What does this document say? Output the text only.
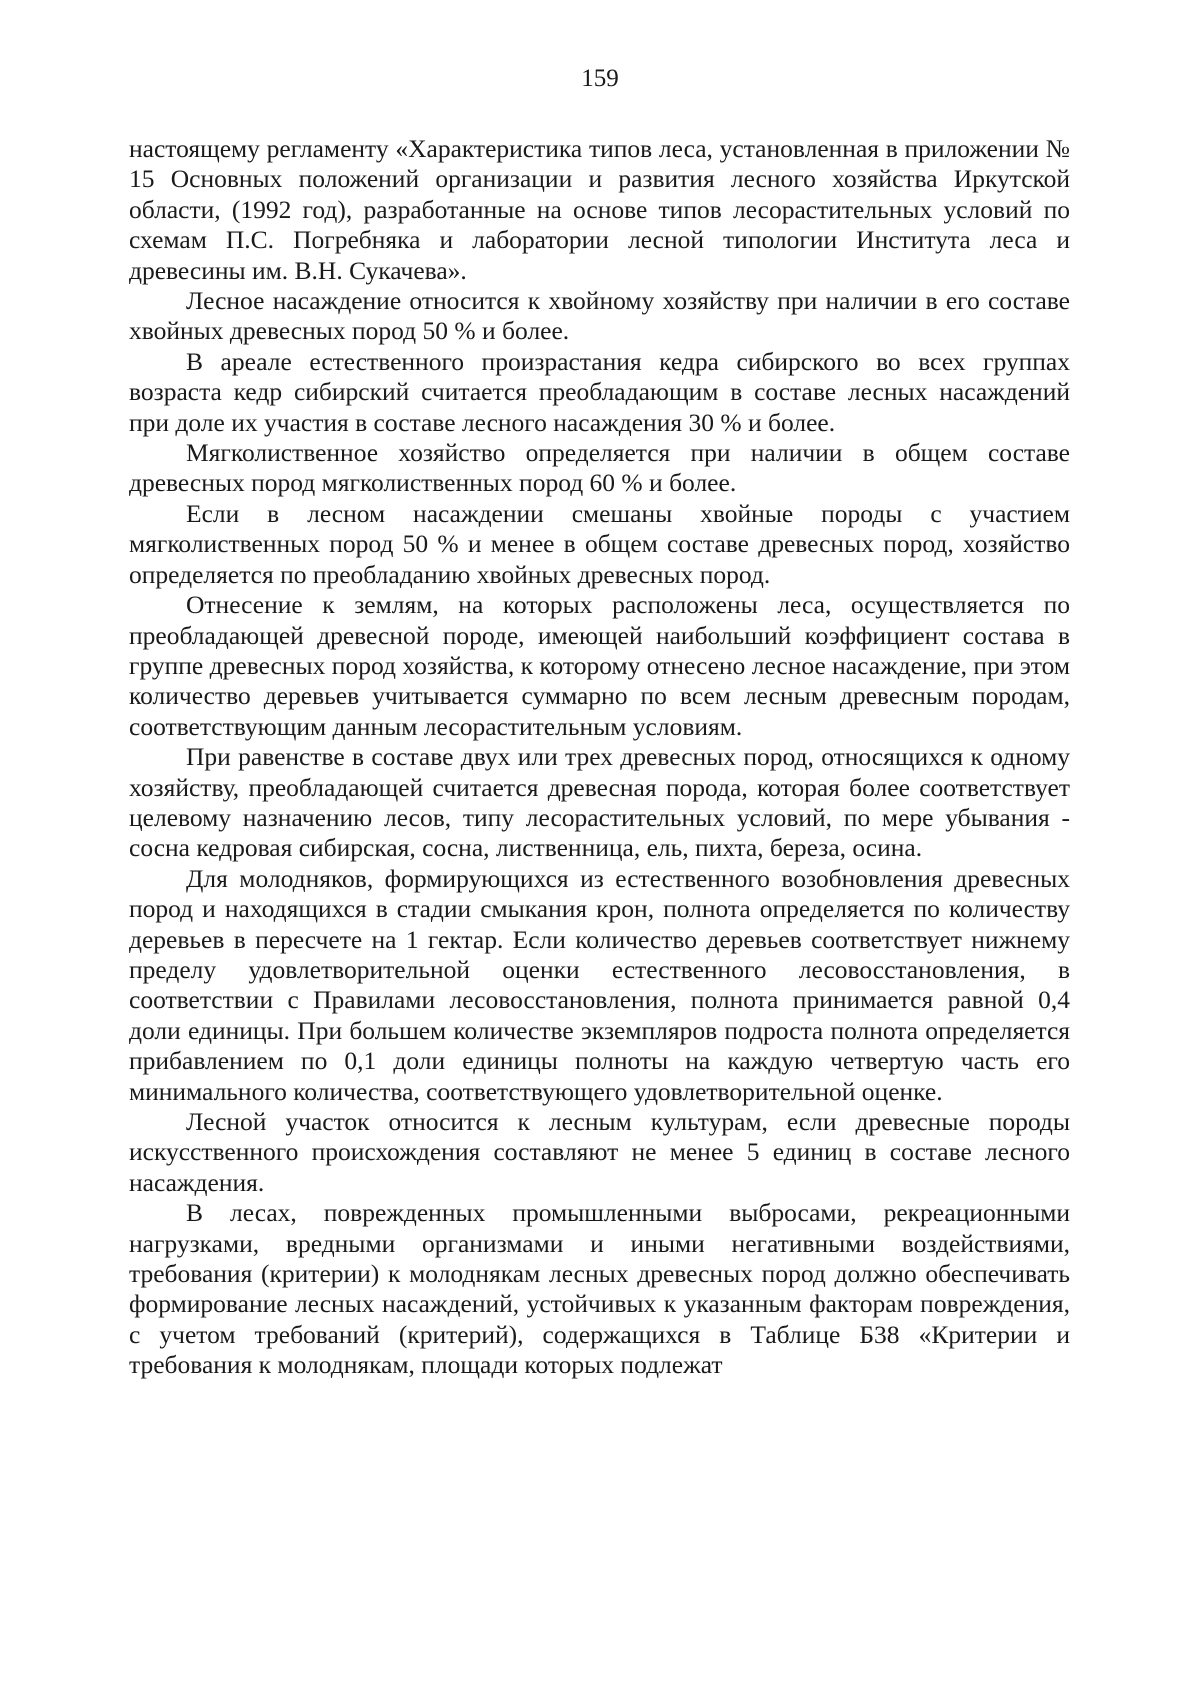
159

настоящему регламенту «Характеристика типов леса, установленная в приложении № 15 Основных положений организации и развития лесного хозяйства Иркутской области, (1992 год), разработанные на основе типов лесорастительных условий по схемам П.С. Погребняка и лаборатории лесной типологии Института леса и древесины им. В.Н. Сукачева».

Лесное насаждение относится к хвойному хозяйству при наличии в его составе хвойных древесных пород 50 % и более.

В ареале естественного произрастания кедра сибирского во всех группах возраста кедр сибирский считается преобладающим в составе лесных насаждений при доле их участия в составе лесного насаждения 30 % и более.

Мягколиственное хозяйство определяется при наличии в общем составе древесных пород мягколиственных пород 60 % и более.

Если в лесном насаждении смешаны хвойные породы с участием мягколиственных пород 50 % и менее в общем составе древесных пород, хозяйство определяется по преобладанию хвойных древесных пород.

Отнесение к землям, на которых расположены леса, осуществляется по преобладающей древесной породе, имеющей наибольший коэффициент состава в группе древесных пород хозяйства, к которому отнесено лесное насаждение, при этом количество деревьев учитывается суммарно по всем лесным древесным породам, соответствующим данным лесорастительным условиям.

При равенстве в составе двух или трех древесных пород, относящихся к одному хозяйству, преобладающей считается древесная порода, которая более соответствует целевому назначению лесов, типу лесорастительных условий, по мере убывания - сосна кедровая сибирская, сосна, лиственница, ель, пихта, береза, осина.

Для молодняков, формирующихся из естественного возобновления древесных пород и находящихся в стадии смыкания крон, полнота определяется по количеству деревьев в пересчете на 1 гектар. Если количество деревьев соответствует нижнему пределу удовлетворительной оценки естественного лесовосстановления, в соответствии с Правилами лесовосстановления, полнота принимается равной 0,4 доли единицы. При большем количестве экземпляров подроста полнота определяется прибавлением по 0,1 доли единицы полноты на каждую четвертую часть его минимального количества, соответствующего удовлетворительной оценке.

Лесной участок относится к лесным культурам, если древесные породы искусственного происхождения составляют не менее 5 единиц в составе лесного насаждения.

В лесах, поврежденных промышленными выбросами, рекреационными нагрузками, вредными организмами и иными негативными воздействиями, требования (критерии) к молоднякам лесных древесных пород должно обеспечивать формирование лесных насаждений, устойчивых к указанным факторам повреждения, с учетом требований (критерий), содержащихся в Таблице Б38 «Критерии и требования к молоднякам, площади которых подлежат
